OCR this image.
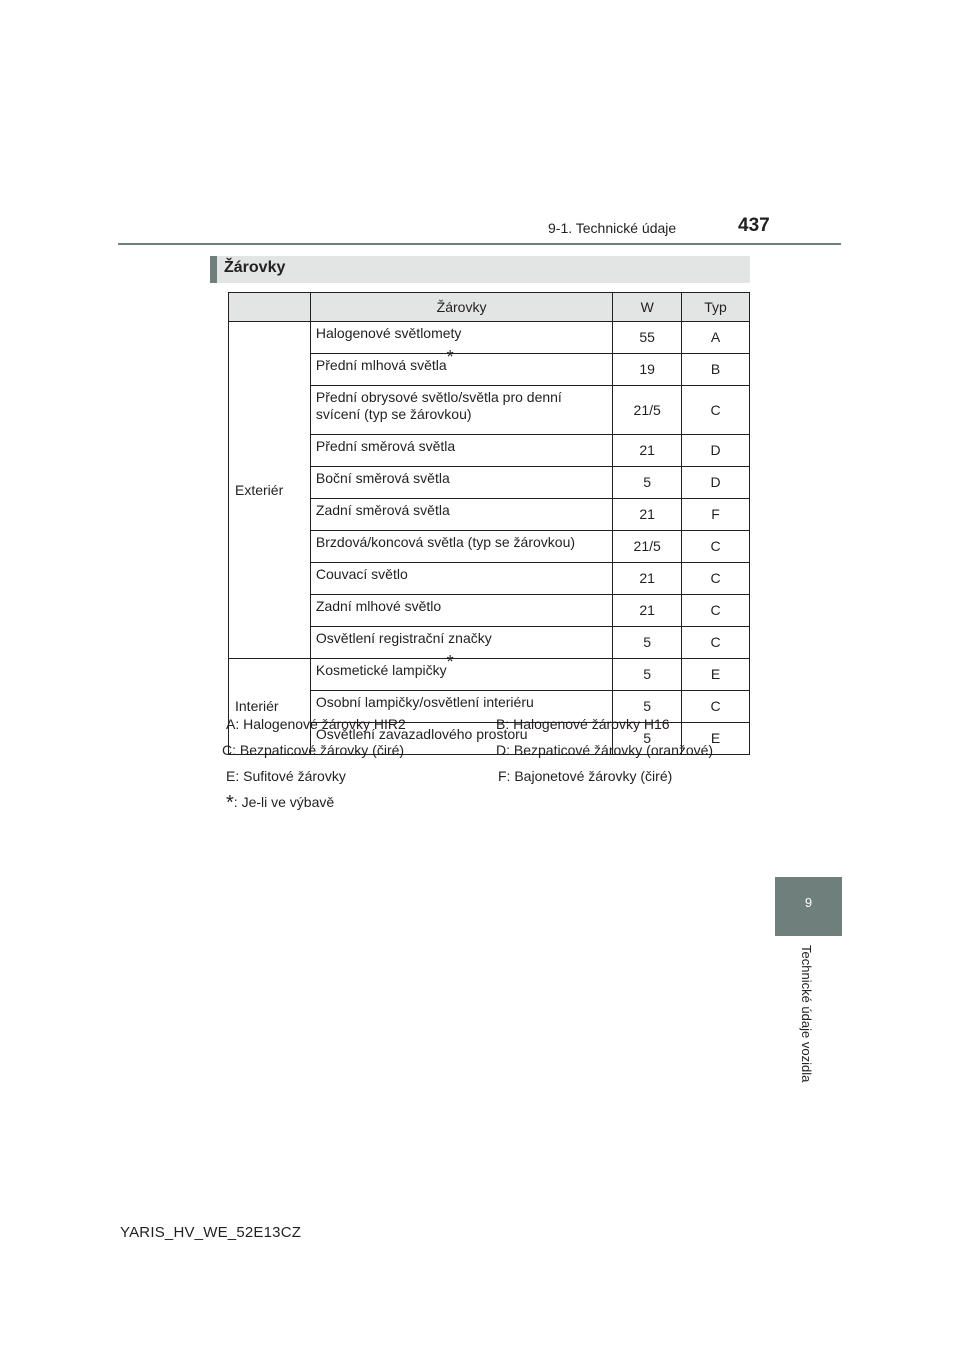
9-1. Technické údaje	437
Žárovky
	Žárovky	W	Typ
Exteriér	Halogenové světlomety	55	A
	Přední mlhová světla*	19	B
	Přední obrysové světlo/světla pro denní svícení (typ se žárovkou)	21/5	C
	Přední směrová světla	21	D
	Boční směrová světla	5	D
	Zadní směrová světla	21	F
	Brzdová/koncová světla (typ se žárovkou)	21/5	C
	Couvací světlo	21	C
	Zadní mlhové světlo	21	C
	Osvětlení registrační značky	5	C
Interiér	Kosmetické lampičky*	5	E
	Osobní lampičky/osvětlení interiéru	5	C
	Osvětlení zavazadlového prostoru	5	E
A: Halogenové žárovky HIR2	B: Halogenové žárovky H16
C: Bezpaticové žárovky (čiré)	D: Bezpaticové žárovky (oranžové)
E: Sufitové žárovky	F: Bajonetové žárovky (čiré)
*: Je-li ve výbavě
9
Technické údaje vozidla
YARIS_HV_WE_52E13CZ
